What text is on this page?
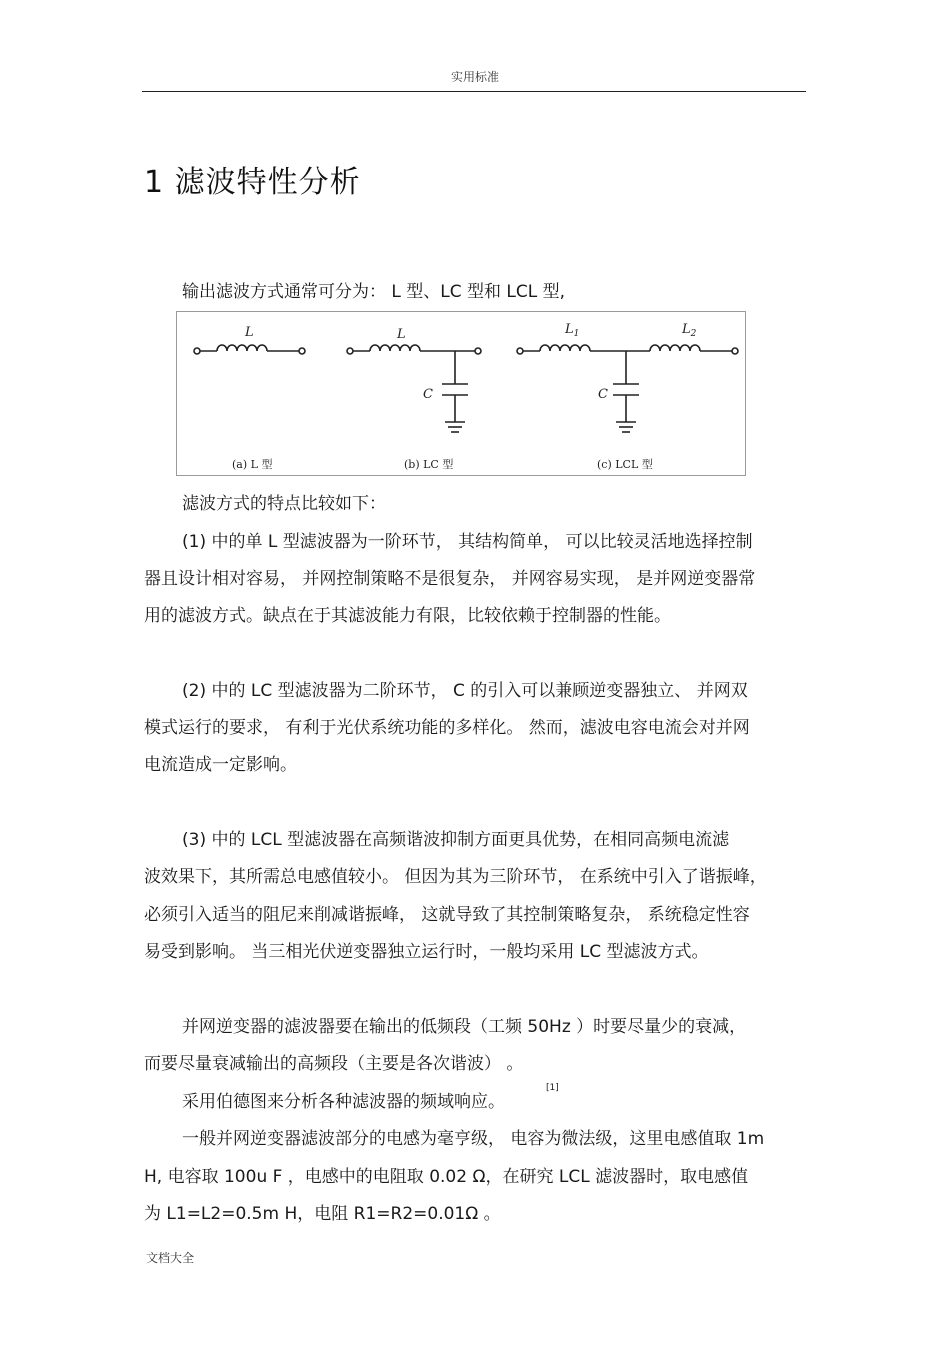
实用标准
1 滤波特性分析
输出滤波方式通常可分为： L 型、LC 型和 LCL 型,
L	L
C
$L_1$	$L_2$
C
(a) L 型	(b) LC 型	(c) LCL 型
滤波方式的特点比较如下：
(1) 中的单 L 型滤波器为一阶环节， 其结构简单， 可以比较灵活地选择控制
器且设计相对容易， 并网控制策略不是很复杂， 并网容易实现， 是并网逆变器常
用的滤波方式。缺点在于其滤波能力有限，比较依赖于控制器的性能。
(2) 中的 LC 型滤波器为二阶环节， C 的引入可以兼顾逆变器独立、 并网双
模式运行的要求， 有利于光伏系统功能的多样化。 然而，滤波电容电流会对并网
电流造成一定影响。
(3) 中的 LCL 型滤波器在高频谐波抑制方面更具优势，在相同高频电流滤
波效果下，其所需总电感值较小。 但因为其为三阶环节， 在系统中引入了谐振峰，
必须引入适当的阻尼来削减谐振峰， 这就导致了其控制策略复杂， 系统稳定性容
易受到影响。 当三相光伏逆变器独立运行时，一般均采用 LC 型滤波方式。
并网逆变器的滤波器要在输出的低频段（工频 50Hz ）时要尽量少的衰减，
而要尽量衰减输出的高频段（主要是各次谐波） 。
采用伯德图来分析各种滤波器的频域响应。
[1]
一般并网逆变器滤波部分的电感为毫亨级， 电容为微法级，这里电感值取 1m
H, 电容取 100u F ，电感中的电阻取 0.02 Ω，在研究 LCL 滤波器时，取电感值
为 L1=L2=0.5m H，电阻 R1=R2=0.01Ω 。
文档大全
